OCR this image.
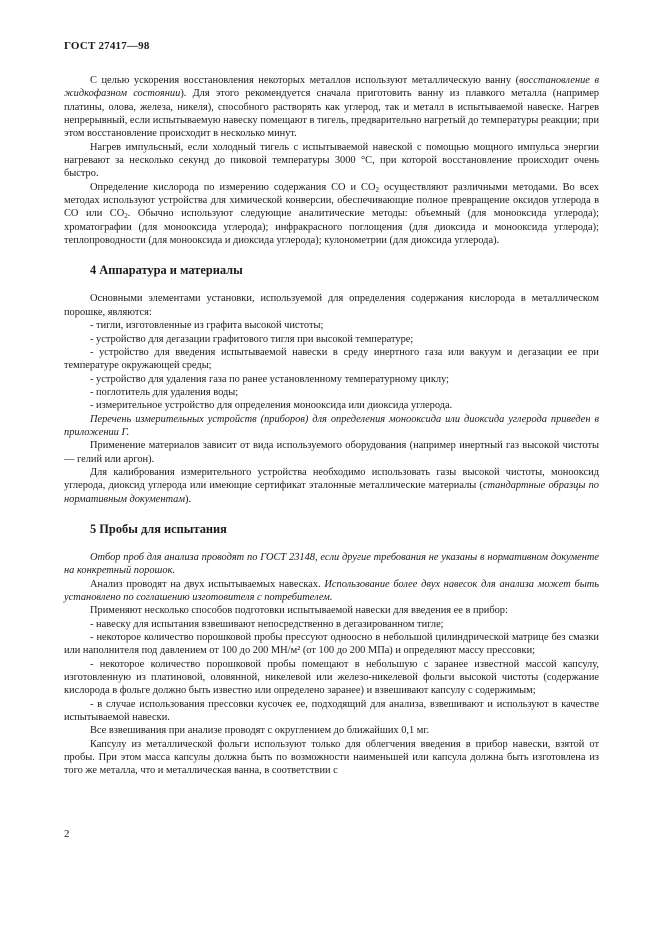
ГОСТ 27417—98

С целью ускорения восстановления некоторых металлов используют металлическую ванну (восстановление в жидкофазном состоянии). Для этого рекомендуется сначала приготовить ванну из плавкого металла (например платины, олова, железа, никеля), способного растворять как углерод, так и металл в испытываемой навеске. Нагрев непрерывный, если испытываемую навеску помещают в тигель, предварительно нагретый до температуры реакции; при этом восстановление происходит в несколько минут.

Нагрев импульсный, если холодный тигель с испытываемой навеской с помощью мощного импульса энергии нагревают за несколько секунд до пиковой температуры 3000 °С, при которой восстановление происходит очень быстро.

Определение кислорода по измерению содержания СО и $СО_2$ осуществляют различными методами. Во всех методах используют устройства для химической конверсии, обеспечивающие полное превращение оксидов углерода в СО или $СО_2$. Обычно используют следующие аналитические методы: объемный (для монооксида углерода); хроматографии (для монооксида углерода); инфракрасного поглощения (для диоксида и монооксида углерода); теплопроводности (для монооксида и диоксида углерода); кулонометрии (для диоксида углерода).

4 Аппаратура и материалы

Основными элементами установки, используемой для определения содержания кислорода в металлическом порошке, являются:

- тигли, изготовленные из графита высокой чистоты;

- устройство для дегазации графитового тигля при высокой температуре;

- устройство для введения испытываемой навески в среду инертного газа или вакуум и дегазации ее при температуре окружающей среды;

- устройство для удаления газа по ранее установленному температурному циклу;

- поглотитель для удаления воды;

- измерительное устройство для определения монооксида или диоксида углерода.

Перечень измерительных устройств (приборов) для определения монооксида или диоксида углерода приведен в приложении Г.

Применение материалов зависит от вида используемого оборудования (например инертный газ высокой чистоты — гелий или аргон).

Для калибрования измерительного устройства необходимо использовать газы высокой чистоты, монооксид углерода, диоксид углерода или имеющие сертификат эталонные металлические материалы (стандартные образцы по нормативным документам).

5 Пробы для испытания

Отбор проб для анализа проводят по ГОСТ 23148, если другие требования не указаны в нормативном документе на конкретный порошок.

Анализ проводят на двух испытываемых навесках. Использование более двух навесок для анализа может быть установлено по соглашению изготовителя с потребителем.

Применяют несколько способов подготовки испытываемой навески для введения ее в прибор:

- навеску для испытания взвешивают непосредственно в дегазированном тигле;

- некоторое количество порошковой пробы прессуют одноосно в небольшой цилиндрической матрице без смазки или наполнителя под давлением от 100 до 200 МН/м² (от 100 до 200 МПа) и определяют массу прессовки;

- некоторое количество порошковой пробы помещают в небольшую с заранее известной массой капсулу, изготовленную из платиновой, оловянной, никелевой или железо-никелевой фольги высокой чистоты (содержание кислорода в фольге должно быть известно или определено заранее) и взвешивают капсулу с содержимым;

- в случае использования прессовки кусочек ее, подходящий для анализа, взвешивают и используют в качестве испытываемой навески.

Все взвешивания при анализе проводят с округлением до ближайших 0,1 мг.

Капсулу из металлической фольги используют только для облегчения введения в прибор навески, взятой от пробы. При этом масса капсулы должна быть по возможности наименьшей или капсула должна быть изготовлена из того же металла, что и металлическая ванна, в соответствии с

2
